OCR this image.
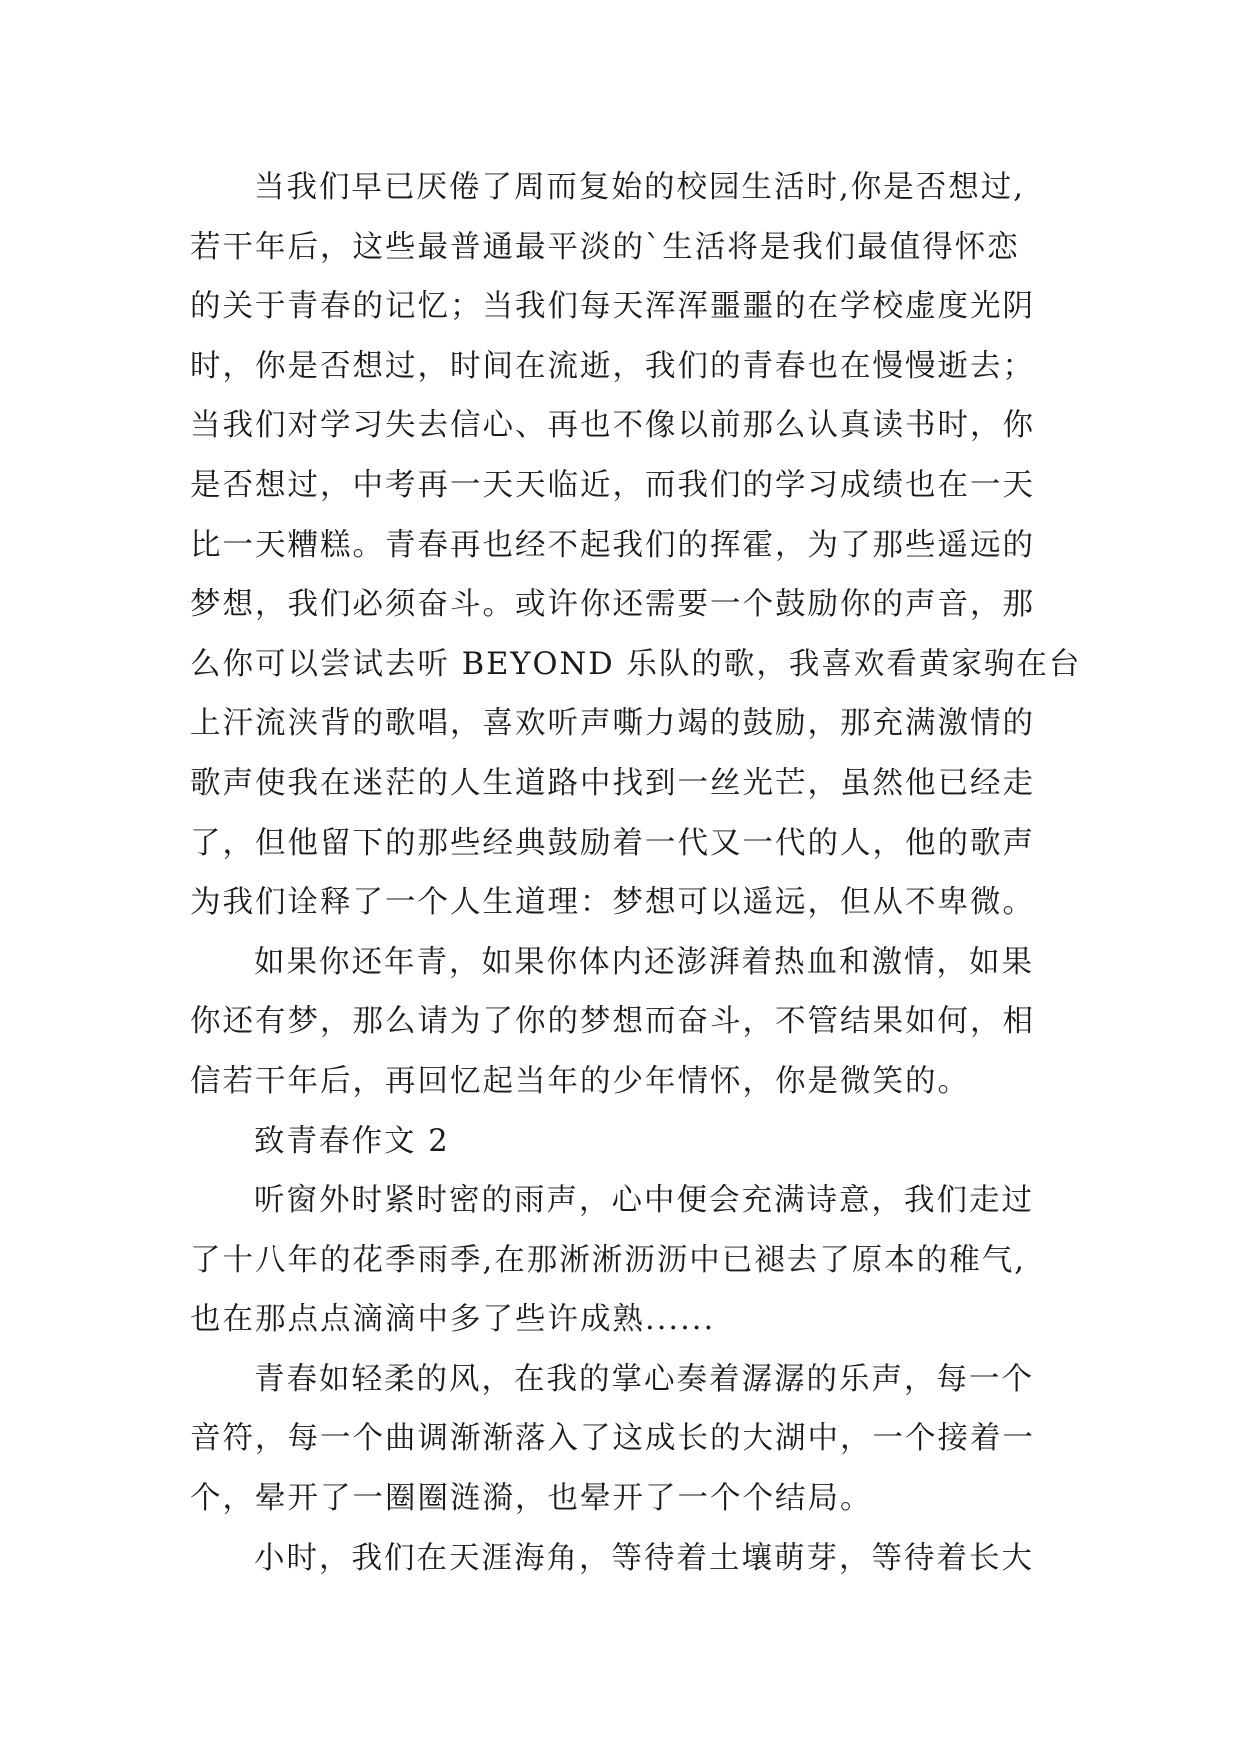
当我们早已厌倦了周而复始的校园生活时,你是否想过,
若干年后，这些最普通最平淡的`生活将是我们最值得怀恋
的关于青春的记忆；当我们每天浑浑噩噩的在学校虚度光阴
时，你是否想过，时间在流逝，我们的青春也在慢慢逝去；
当我们对学习失去信心、再也不像以前那么认真读书时，你
是否想过，中考再一天天临近，而我们的学习成绩也在一天
比一天糟糕。青春再也经不起我们的挥霍，为了那些遥远的
梦想，我们必须奋斗。或许你还需要一个鼓励你的声音，那
么你可以尝试去听 BEYOND 乐队的歌，我喜欢看黄家驹在台
上汗流浃背的歌唱，喜欢听声嘶力竭的鼓励，那充满激情的
歌声使我在迷茫的人生道路中找到一丝光芒，虽然他已经走
了，但他留下的那些经典鼓励着一代又一代的人，他的歌声
为我们诠释了一个人生道理：梦想可以遥远，但从不卑微。
如果你还年青，如果你体内还澎湃着热血和激情，如果
你还有梦，那么请为了你的梦想而奋斗，不管结果如何，相
信若干年后，再回忆起当年的少年情怀，你是微笑的。
致青春作文 2
听窗外时紧时密的雨声，心中便会充满诗意，我们走过
了十八年的花季雨季,在那淅淅沥沥中已褪去了原本的稚气,
也在那点点滴滴中多了些许成熟......
青春如轻柔的风，在我的掌心奏着潺潺的乐声，每一个
音符，每一个曲调渐渐落入了这成长的大湖中，一个接着一
个，晕开了一圈圈涟漪，也晕开了一个个结局。
小时，我们在天涯海角，等待着土壤萌芽，等待着长大
